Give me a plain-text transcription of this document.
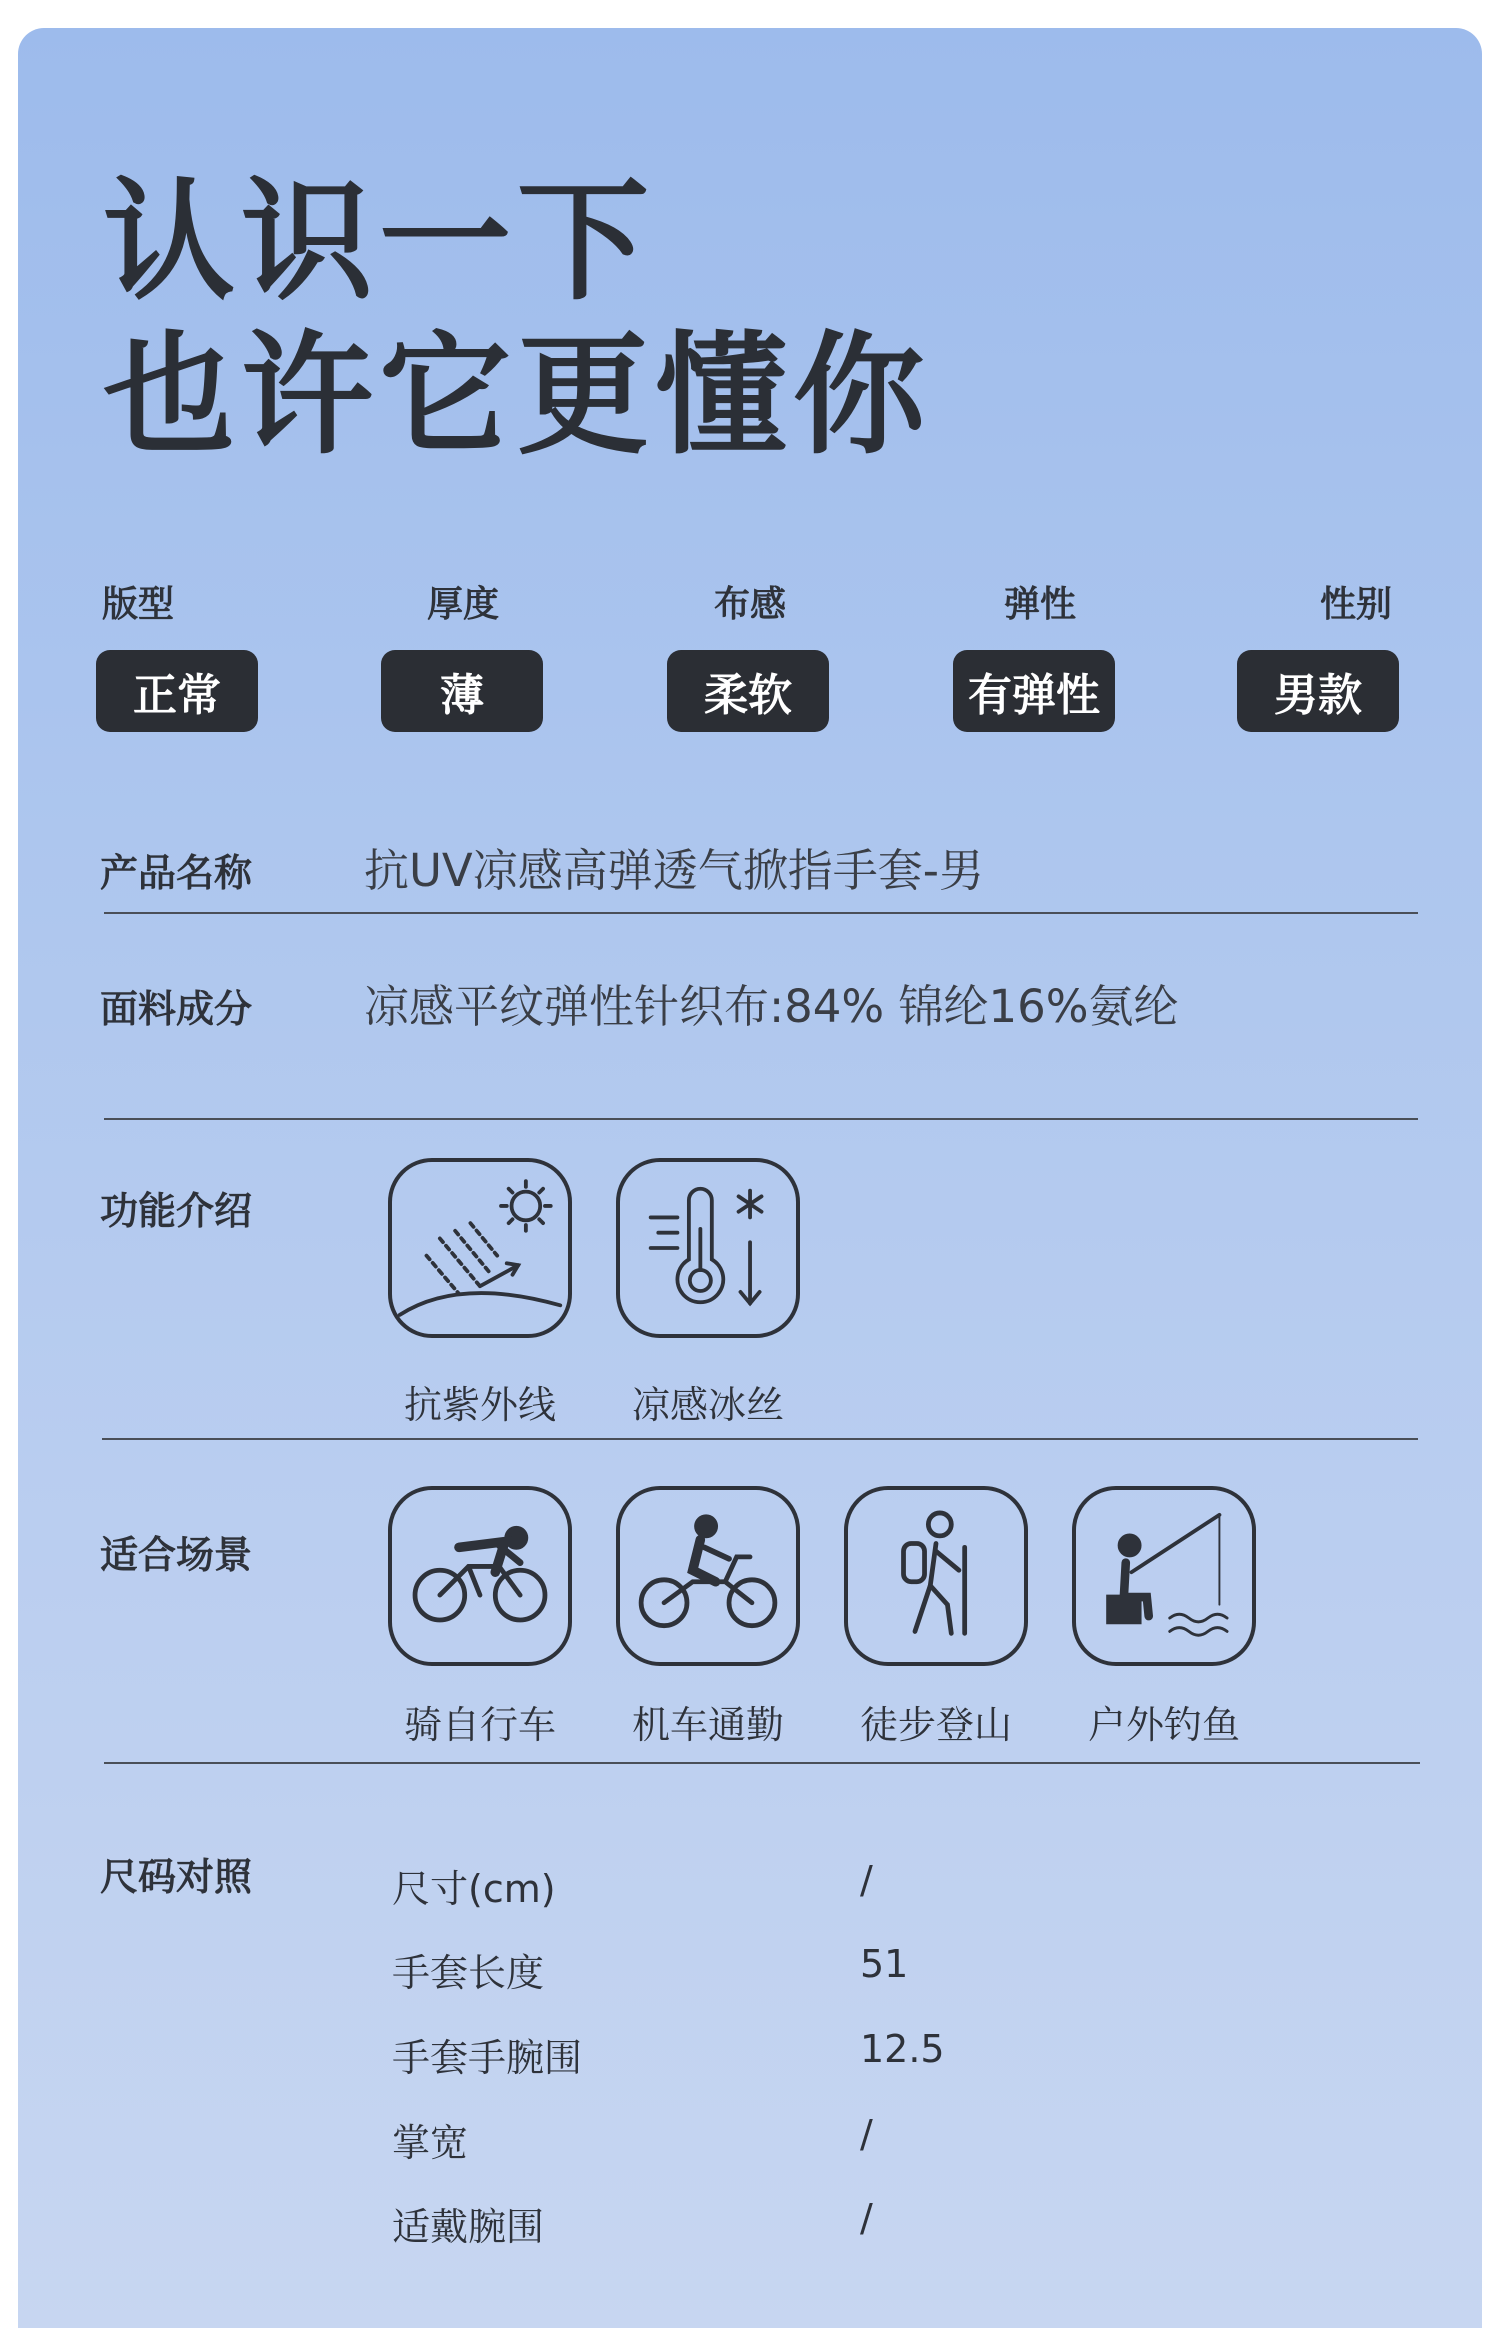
认识一下
也许它更懂你
版型	厚度	布感	弹性	性别
正常	薄	柔软	有弹性	男款
产品名称 抗UV凉感高弹透气掀指手套-男
面料成分 凉感平纹弹性针织布:84% 锦纶16%氨纶
功能介绍
抗紫外线	凉感冰丝
适合场景
骑自行车	机车通勤	徒步登山	户外钓鱼
尺码对照	尺寸(cm)	/
手套长度	51
手套手腕围	12.5
掌宽	/
适戴腕围	/
